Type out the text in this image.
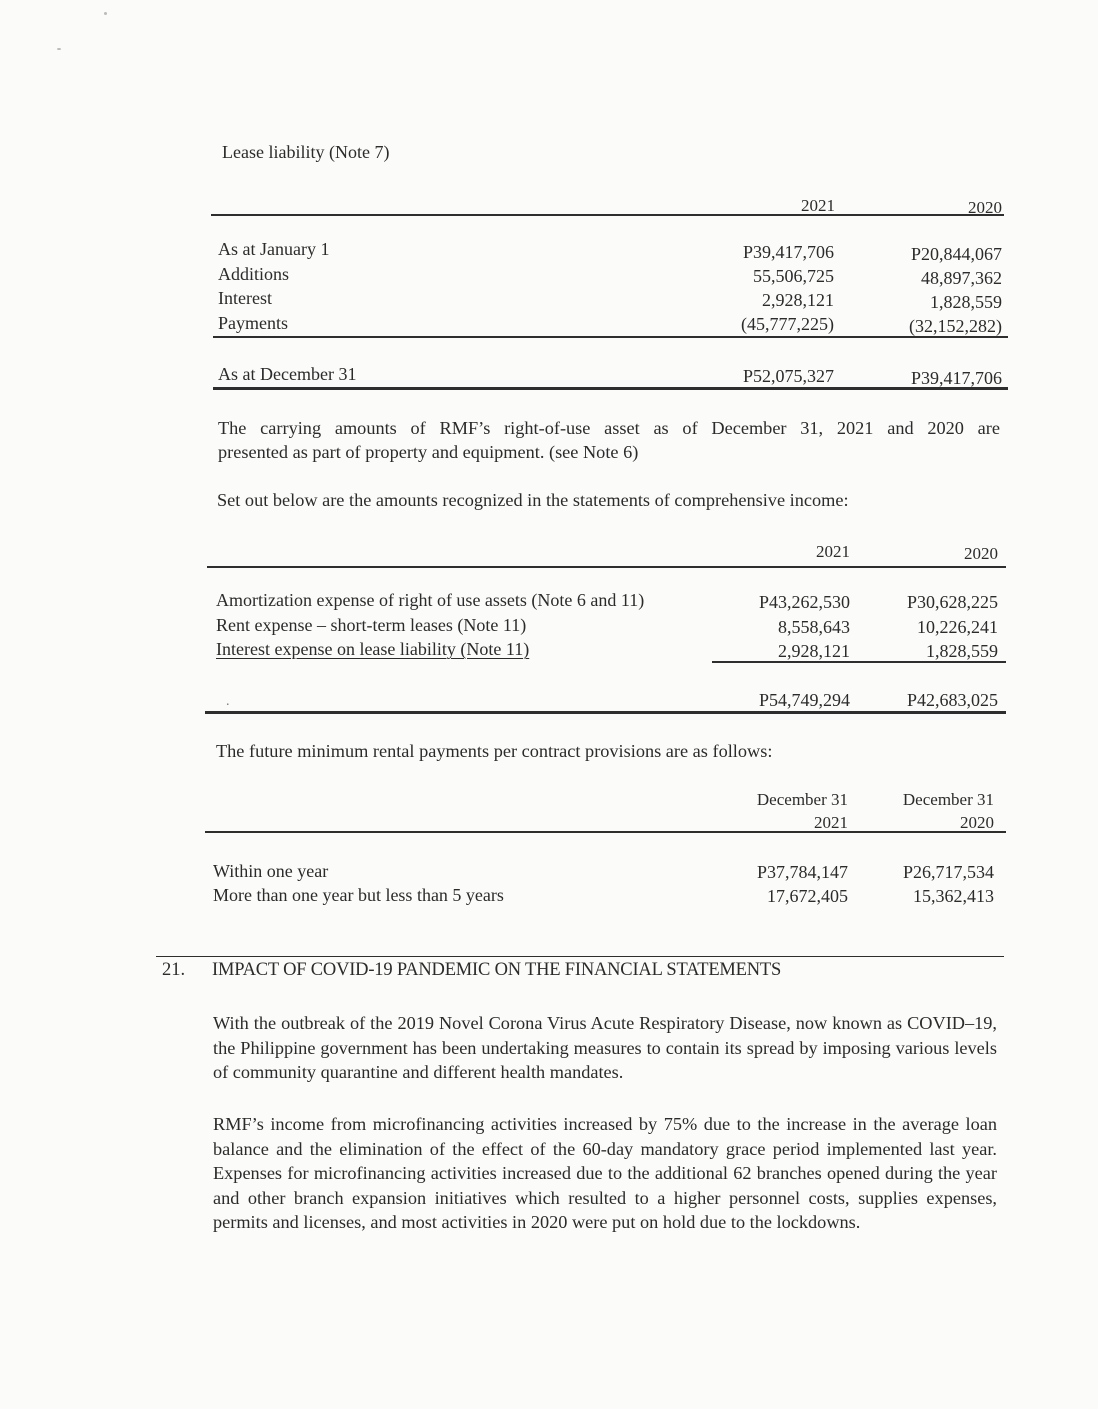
Lease liability (Note 7)
2021	2020
As at January 1	P39,417,706	P20,844,067
Additions	55,506,725	48,897,362
Interest	2,928,121	1,828,559
Payments	(45,777,225)	(32,152,282)
As at December 31	P52,075,327	P39,417,706
The carrying amounts of RMF’s right-of-use asset as of December 31, 2021 and 2020 are
presented as part of property and equipment. (see Note 6)
Set out below are the amounts recognized in the statements of comprehensive income:
2021	2020
Amortization expense of right of use assets (Note 6 and 11)	P43,262,530	P30,628,225
Rent expense – short-term leases (Note 11)	8,558,643	10,226,241
Interest expense on lease liability (Note 11)	2,928,121	1,828,559
.	P54,749,294	P42,683,025
The future minimum rental payments per contract provisions are as follows:
December 31
2021
December 31
2020
Within one year	P37,784,147	P26,717,534
More than one year but less than 5 years	17,672,405	15,362,413
21. IMPACT OF COVID-19 PANDEMIC ON THE FINANCIAL STATEMENTS
With the outbreak of the 2019 Novel Corona Virus Acute Respiratory Disease, now known as COVID–19, the Philippine government has been undertaking measures to contain its spread by imposing various levels of community quarantine and different health mandates.
RMF’s income from microfinancing activities increased by 75% due to the increase in the average loan balance and the elimination of the effect of the 60-day mandatory grace period implemented last year. Expenses for microfinancing activities increased due to the additional 62 branches opened during the year and other branch expansion initiatives which resulted to a higher personnel costs, supplies expenses, permits and licenses, and most activities in 2020 were put on hold due to the lockdowns.
